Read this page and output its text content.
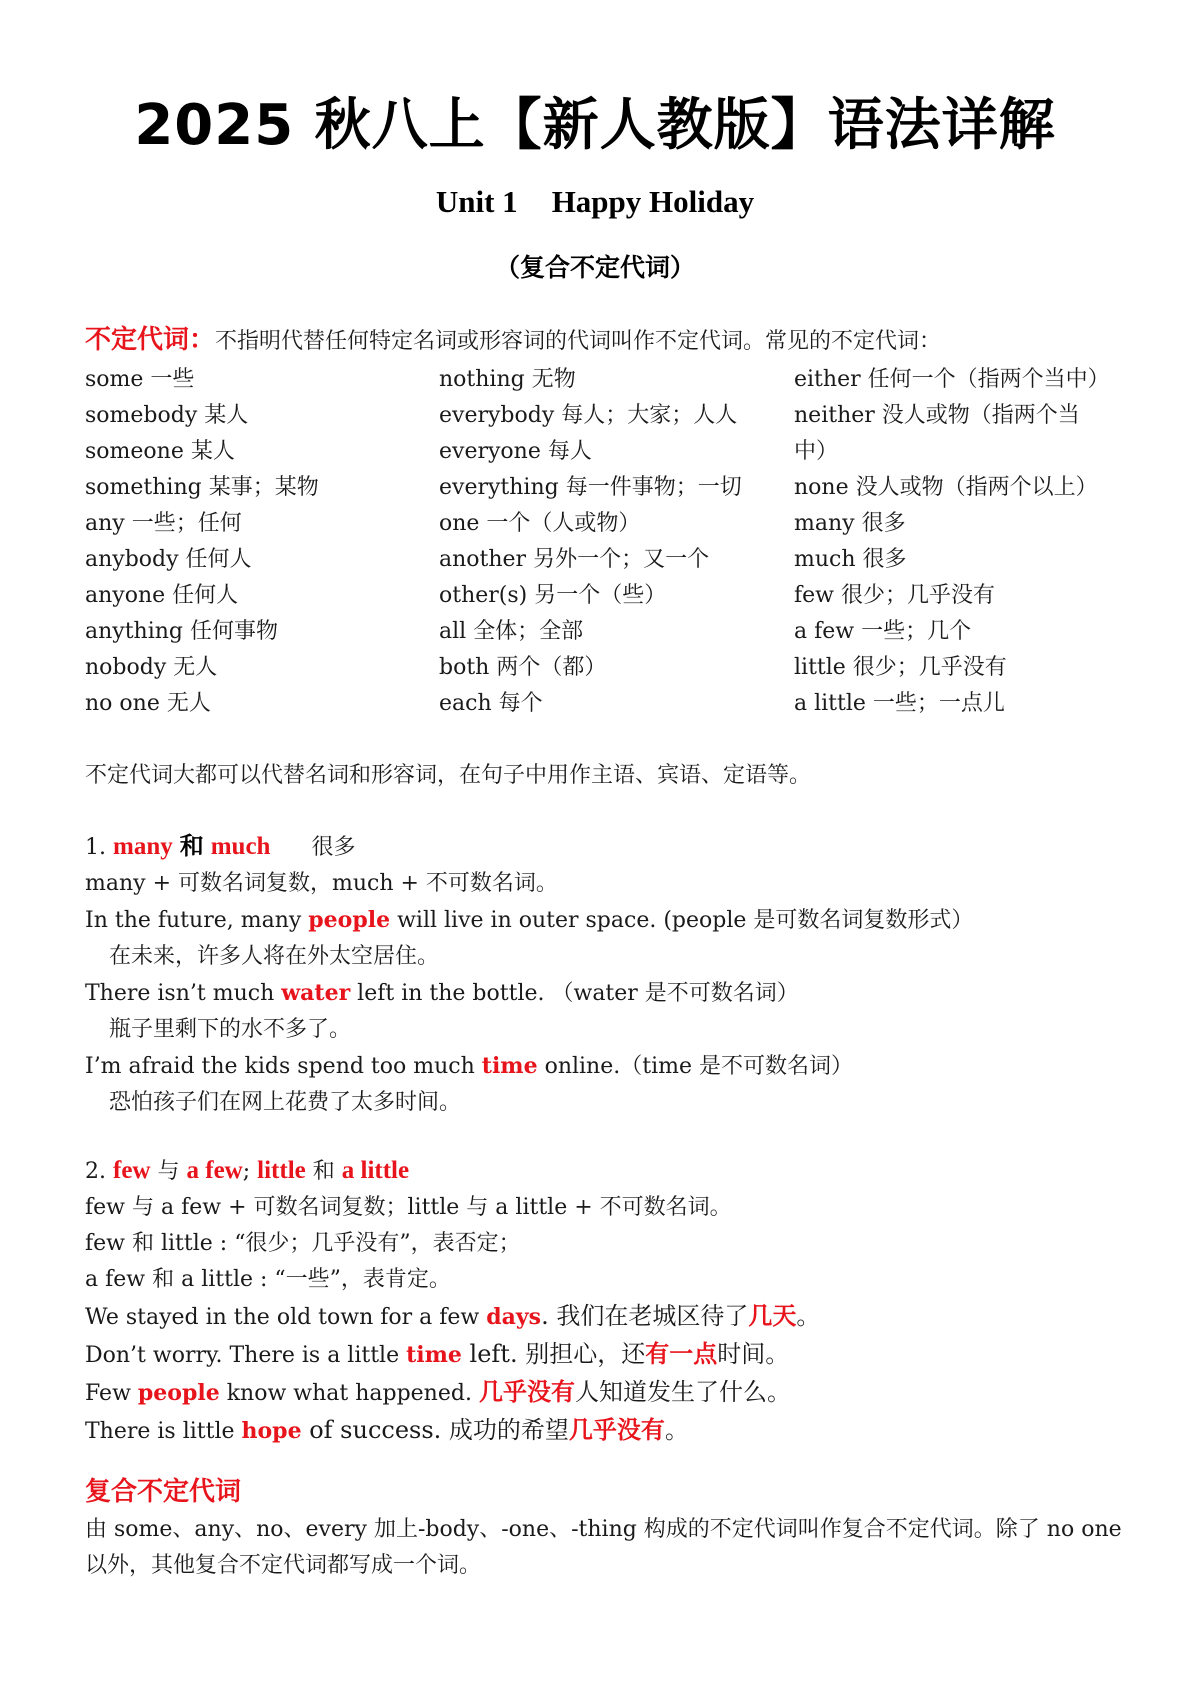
2025 秋八上【新人教版】语法详解
Unit 1 Happy Holiday
（复合不定代词）
不定代词：不指明代替任何特定名词或形容词的代词叫作不定代词。常见的不定代词：
some 一些
somebody 某人
someone 某人
something 某事；某物
any 一些；任何
anybody 任何人
anyone 任何人
anything 任何事物
nobody 无人
no one 无人
nothing 无物
everybody 每人；大家；人人
everyone 每人
everything 每一件事物；一切
one 一个（人或物）
another 另外一个；又一个
other(s) 另一个（些）
all 全体；全部
both 两个（都）
each 每个
either 任何一个（指两个当中）
neither 没人或物（指两个当中）
none 没人或物（指两个以上）
many 很多
much 很多
few 很少；几乎没有
a few 一些；几个
little 很少；几乎没有
a little 一些；一点儿
不定代词大都可以代替名词和形容词，在句子中用作主语、宾语、定语等。
1. many 和 much 很多
many + 可数名词复数，much + 不可数名词。
In the future, many people will live in outer space. (people 是可数名词复数形式）
在未来，许多人将在外太空居住。
There isn’t much water left in the bottle. （water 是不可数名词）
瓶子里剩下的水不多了。
I’m afraid the kids spend too much time online.（time 是不可数名词）
恐怕孩子们在网上花费了太多时间。
2. few 与 a few; little 和 a little
few 与 a few + 可数名词复数；little 与 a little + 不可数名词。
few 和 little : “很少；几乎没有”，表否定；
a few 和 a little : “一些”，表肯定。
We stayed in the old town for a few days. 我们在老城区待了几天。
Don’t worry. There is a little time left. 别担心，还有一点时间。
Few people know what happened. 几乎没有人知道发生了什么。
There is little hope of success. 成功的希望几乎没有。
复合不定代词
由 some、any、no、every 加上-body、-one、-thing 构成的不定代词叫作复合不定代词。除了 no one 以外，其他复合不定代词都写成一个词。
